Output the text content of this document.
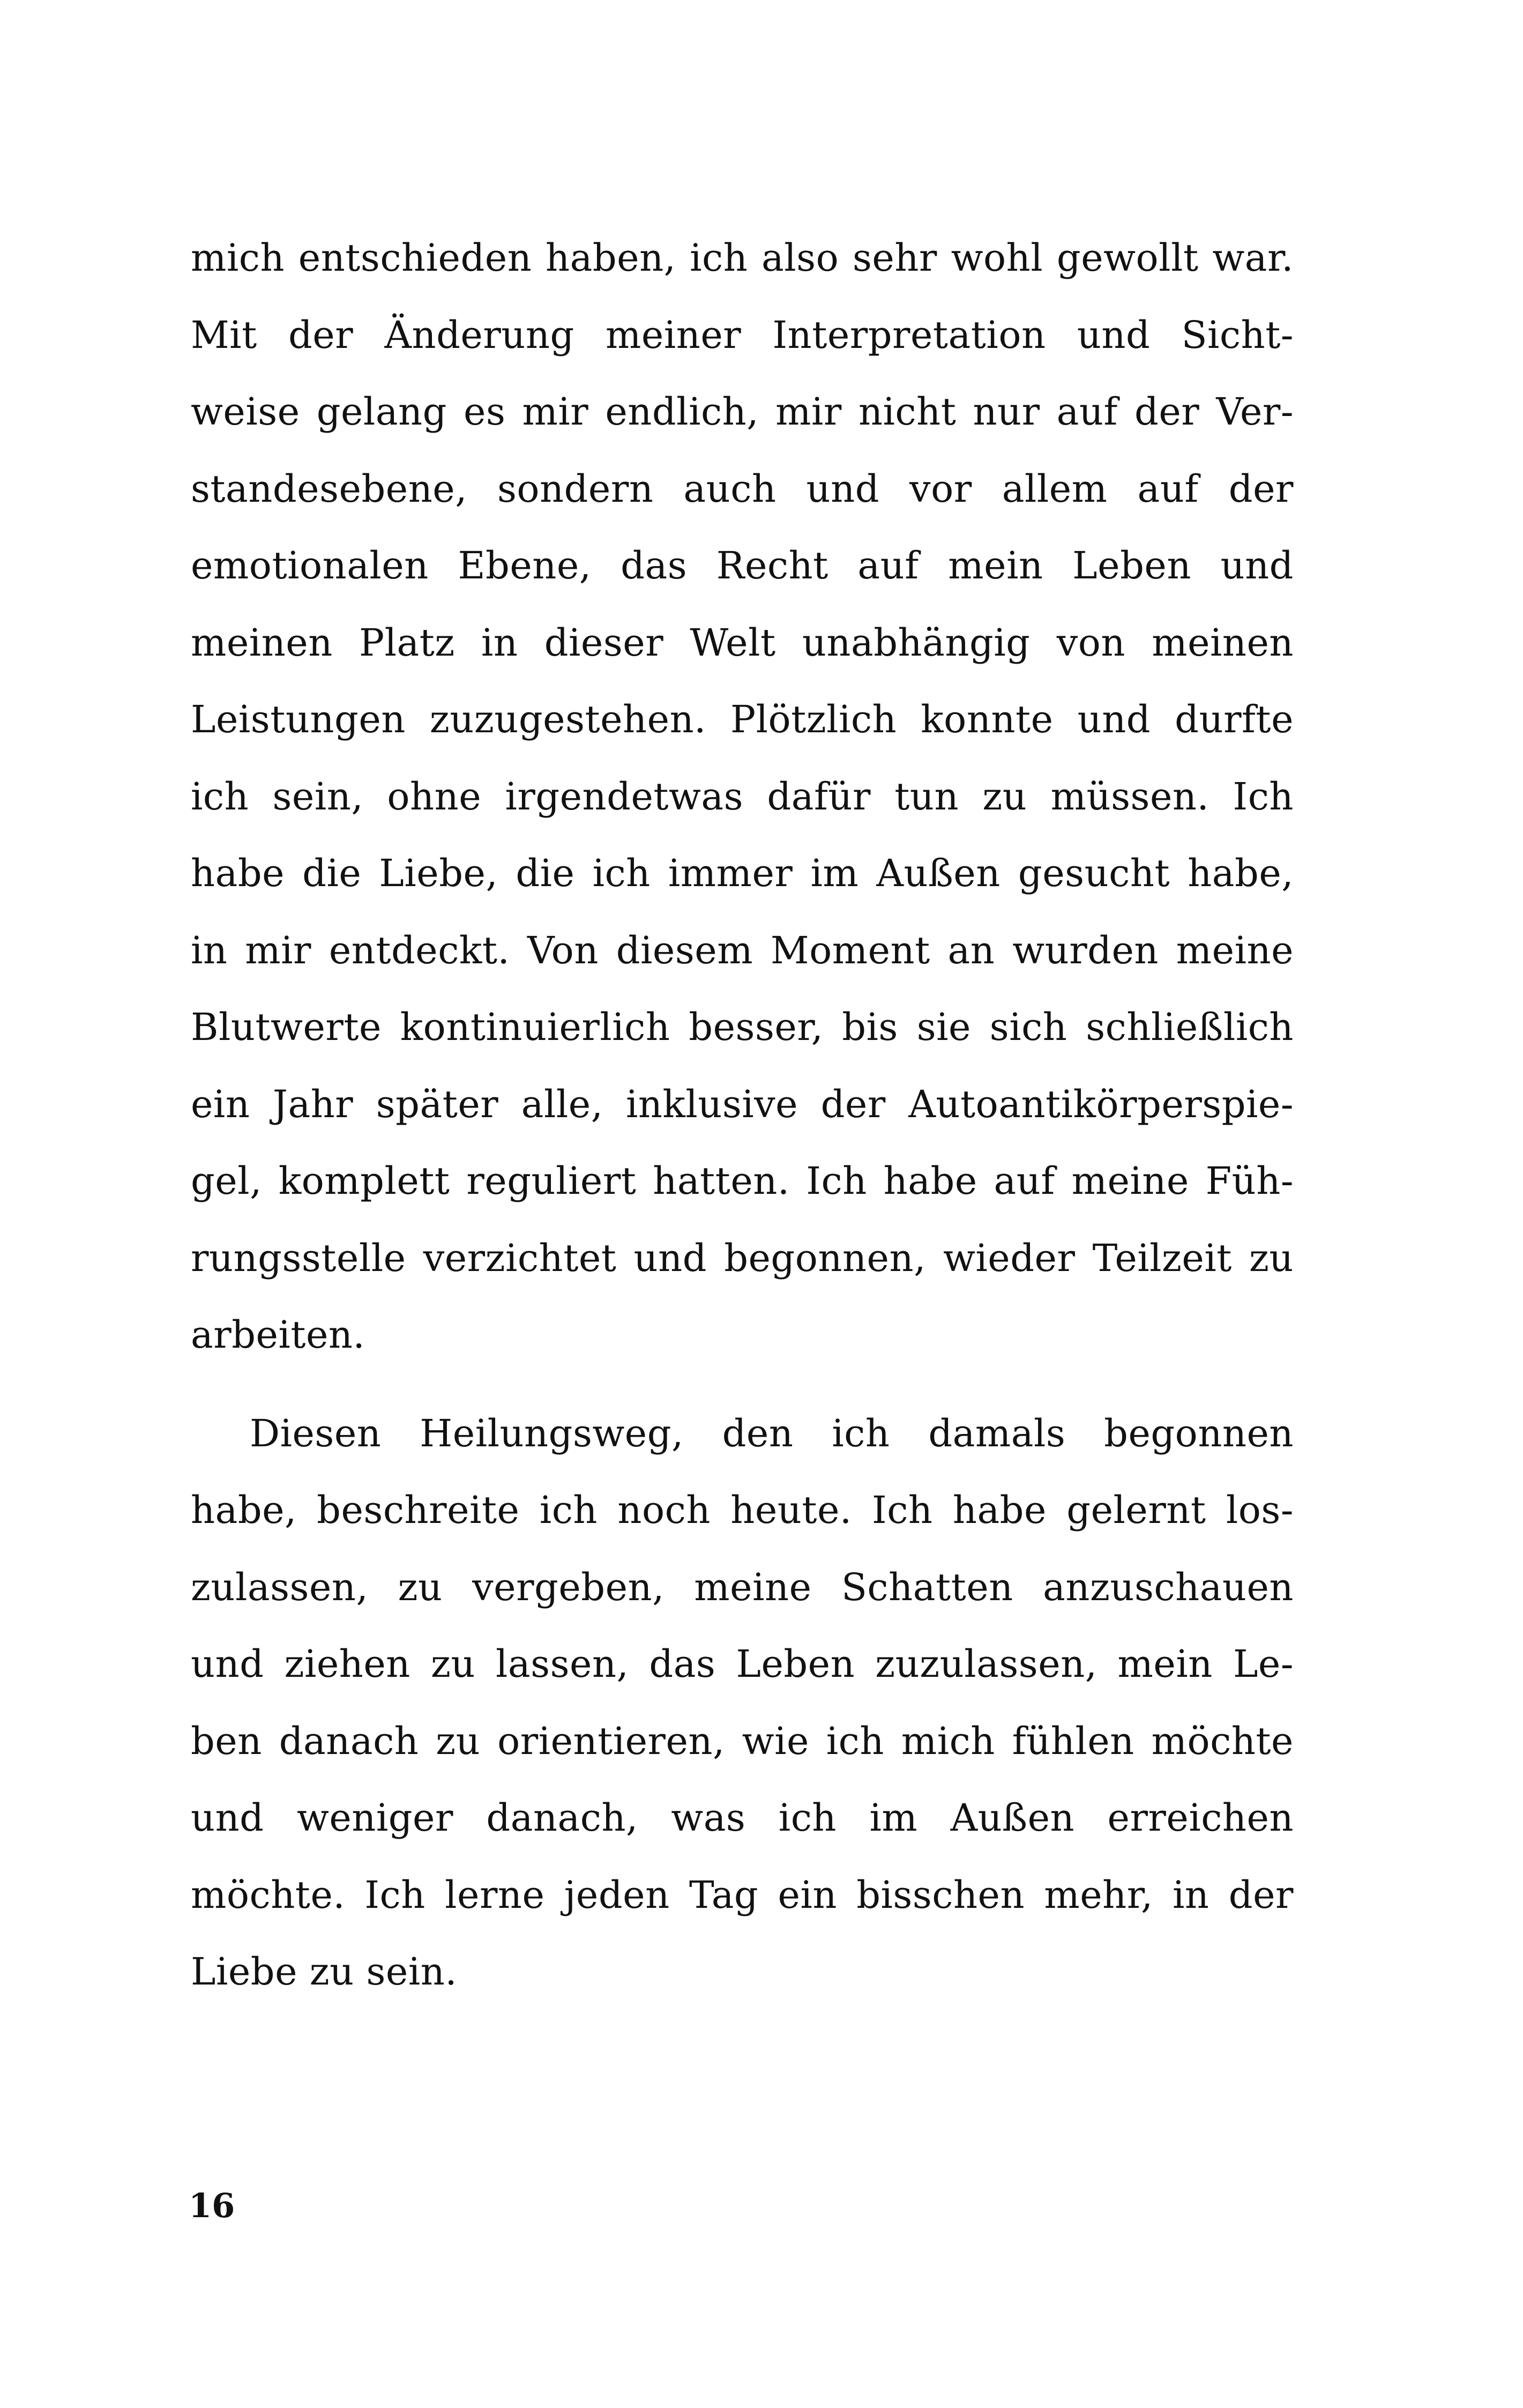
mich entschieden haben, ich also sehr wohl gewollt war.
Mit der Änderung meiner Interpretation und Sicht-
weise gelang es mir endlich, mir nicht nur auf der Ver-
standesebene, sondern auch und vor allem auf der
emotionalen Ebene, das Recht auf mein Leben und
meinen Platz in dieser Welt unabhängig von meinen
Leistungen zuzugestehen. Plötzlich konnte und durfte
ich sein, ohne irgendetwas dafür tun zu müssen. Ich
habe die Liebe, die ich immer im Außen gesucht habe,
in mir entdeckt. Von diesem Moment an wurden meine
Blutwerte kontinuierlich besser, bis sie sich schließlich
ein Jahr später alle, inklusive der Autoantikörperspie-
gel, komplett reguliert hatten. Ich habe auf meine Füh-
rungsstelle verzichtet und begonnen, wieder Teilzeit zu
arbeiten.
Diesen Heilungsweg, den ich damals begonnen
habe, beschreite ich noch heute. Ich habe gelernt los-
zulassen, zu vergeben, meine Schatten anzuschauen
und ziehen zu lassen, das Leben zuzulassen, mein Le-
ben danach zu orientieren, wie ich mich fühlen möchte
und weniger danach, was ich im Außen erreichen
möchte. Ich lerne jeden Tag ein bisschen mehr, in der
Liebe zu sein.
16
